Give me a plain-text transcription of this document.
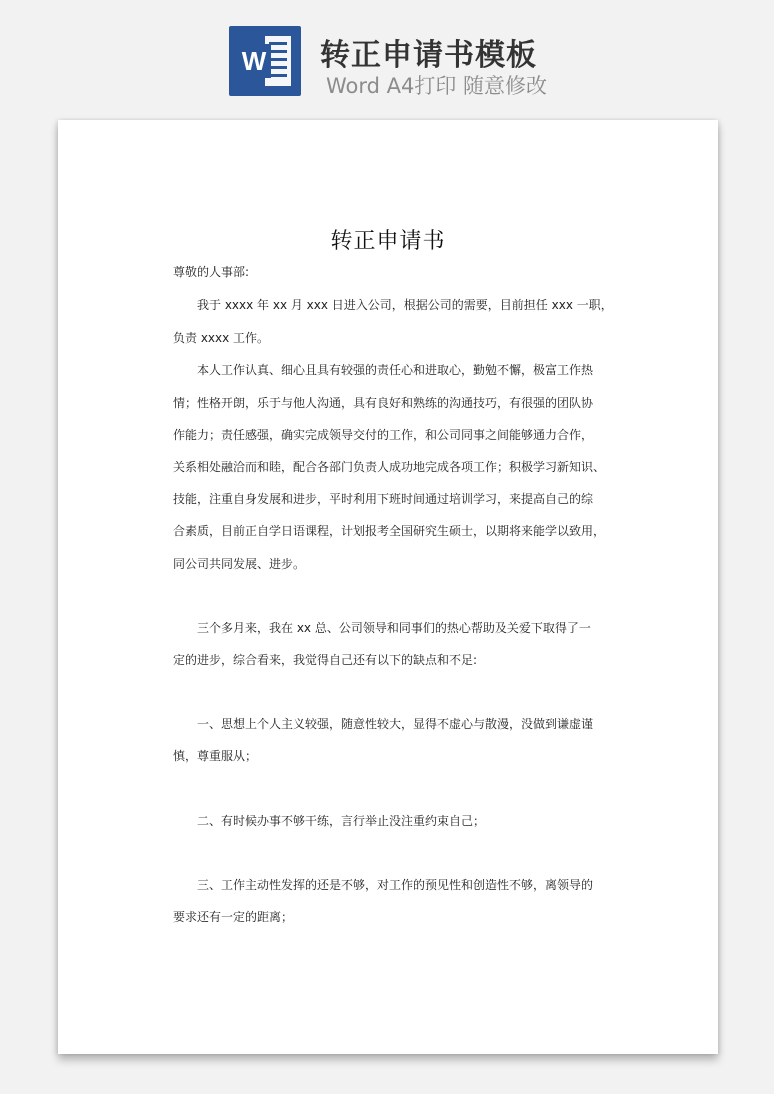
W 转正申请书模板
Word A4打印 随意修改
转正申请书
尊敬的人事部:
　　我于 xxxx 年 xx 月 xxx 日进入公司，根据公司的需要，目前担任 xxx 一职，
负责 xxxx 工作。
　　本人工作认真、细心且具有较强的责任心和进取心，勤勉不懈，极富工作热
情；性格开朗，乐于与他人沟通，具有良好和熟练的沟通技巧，有很强的团队协
作能力；责任感强，确实完成领导交付的工作，和公司同事之间能够通力合作，
关系相处融洽而和睦，配合各部门负责人成功地完成各项工作；积极学习新知识、
技能，注重自身发展和进步，平时利用下班时间通过培训学习，来提高自己的综
合素质，目前正自学日语课程，计划报考全国研究生硕士，以期将来能学以致用，
同公司共同发展、进步。
　　三个多月来，我在 xx 总、公司领导和同事们的热心帮助及关爱下取得了一
定的进步，综合看来，我觉得自己还有以下的缺点和不足:
　　一、思想上个人主义较强，随意性较大，显得不虚心与散漫，没做到谦虚谨
慎，尊重服从；
　　二、有时候办事不够干练，言行举止没注重约束自己；
　　三、工作主动性发挥的还是不够，对工作的预见性和创造性不够，离领导的
要求还有一定的距离；
